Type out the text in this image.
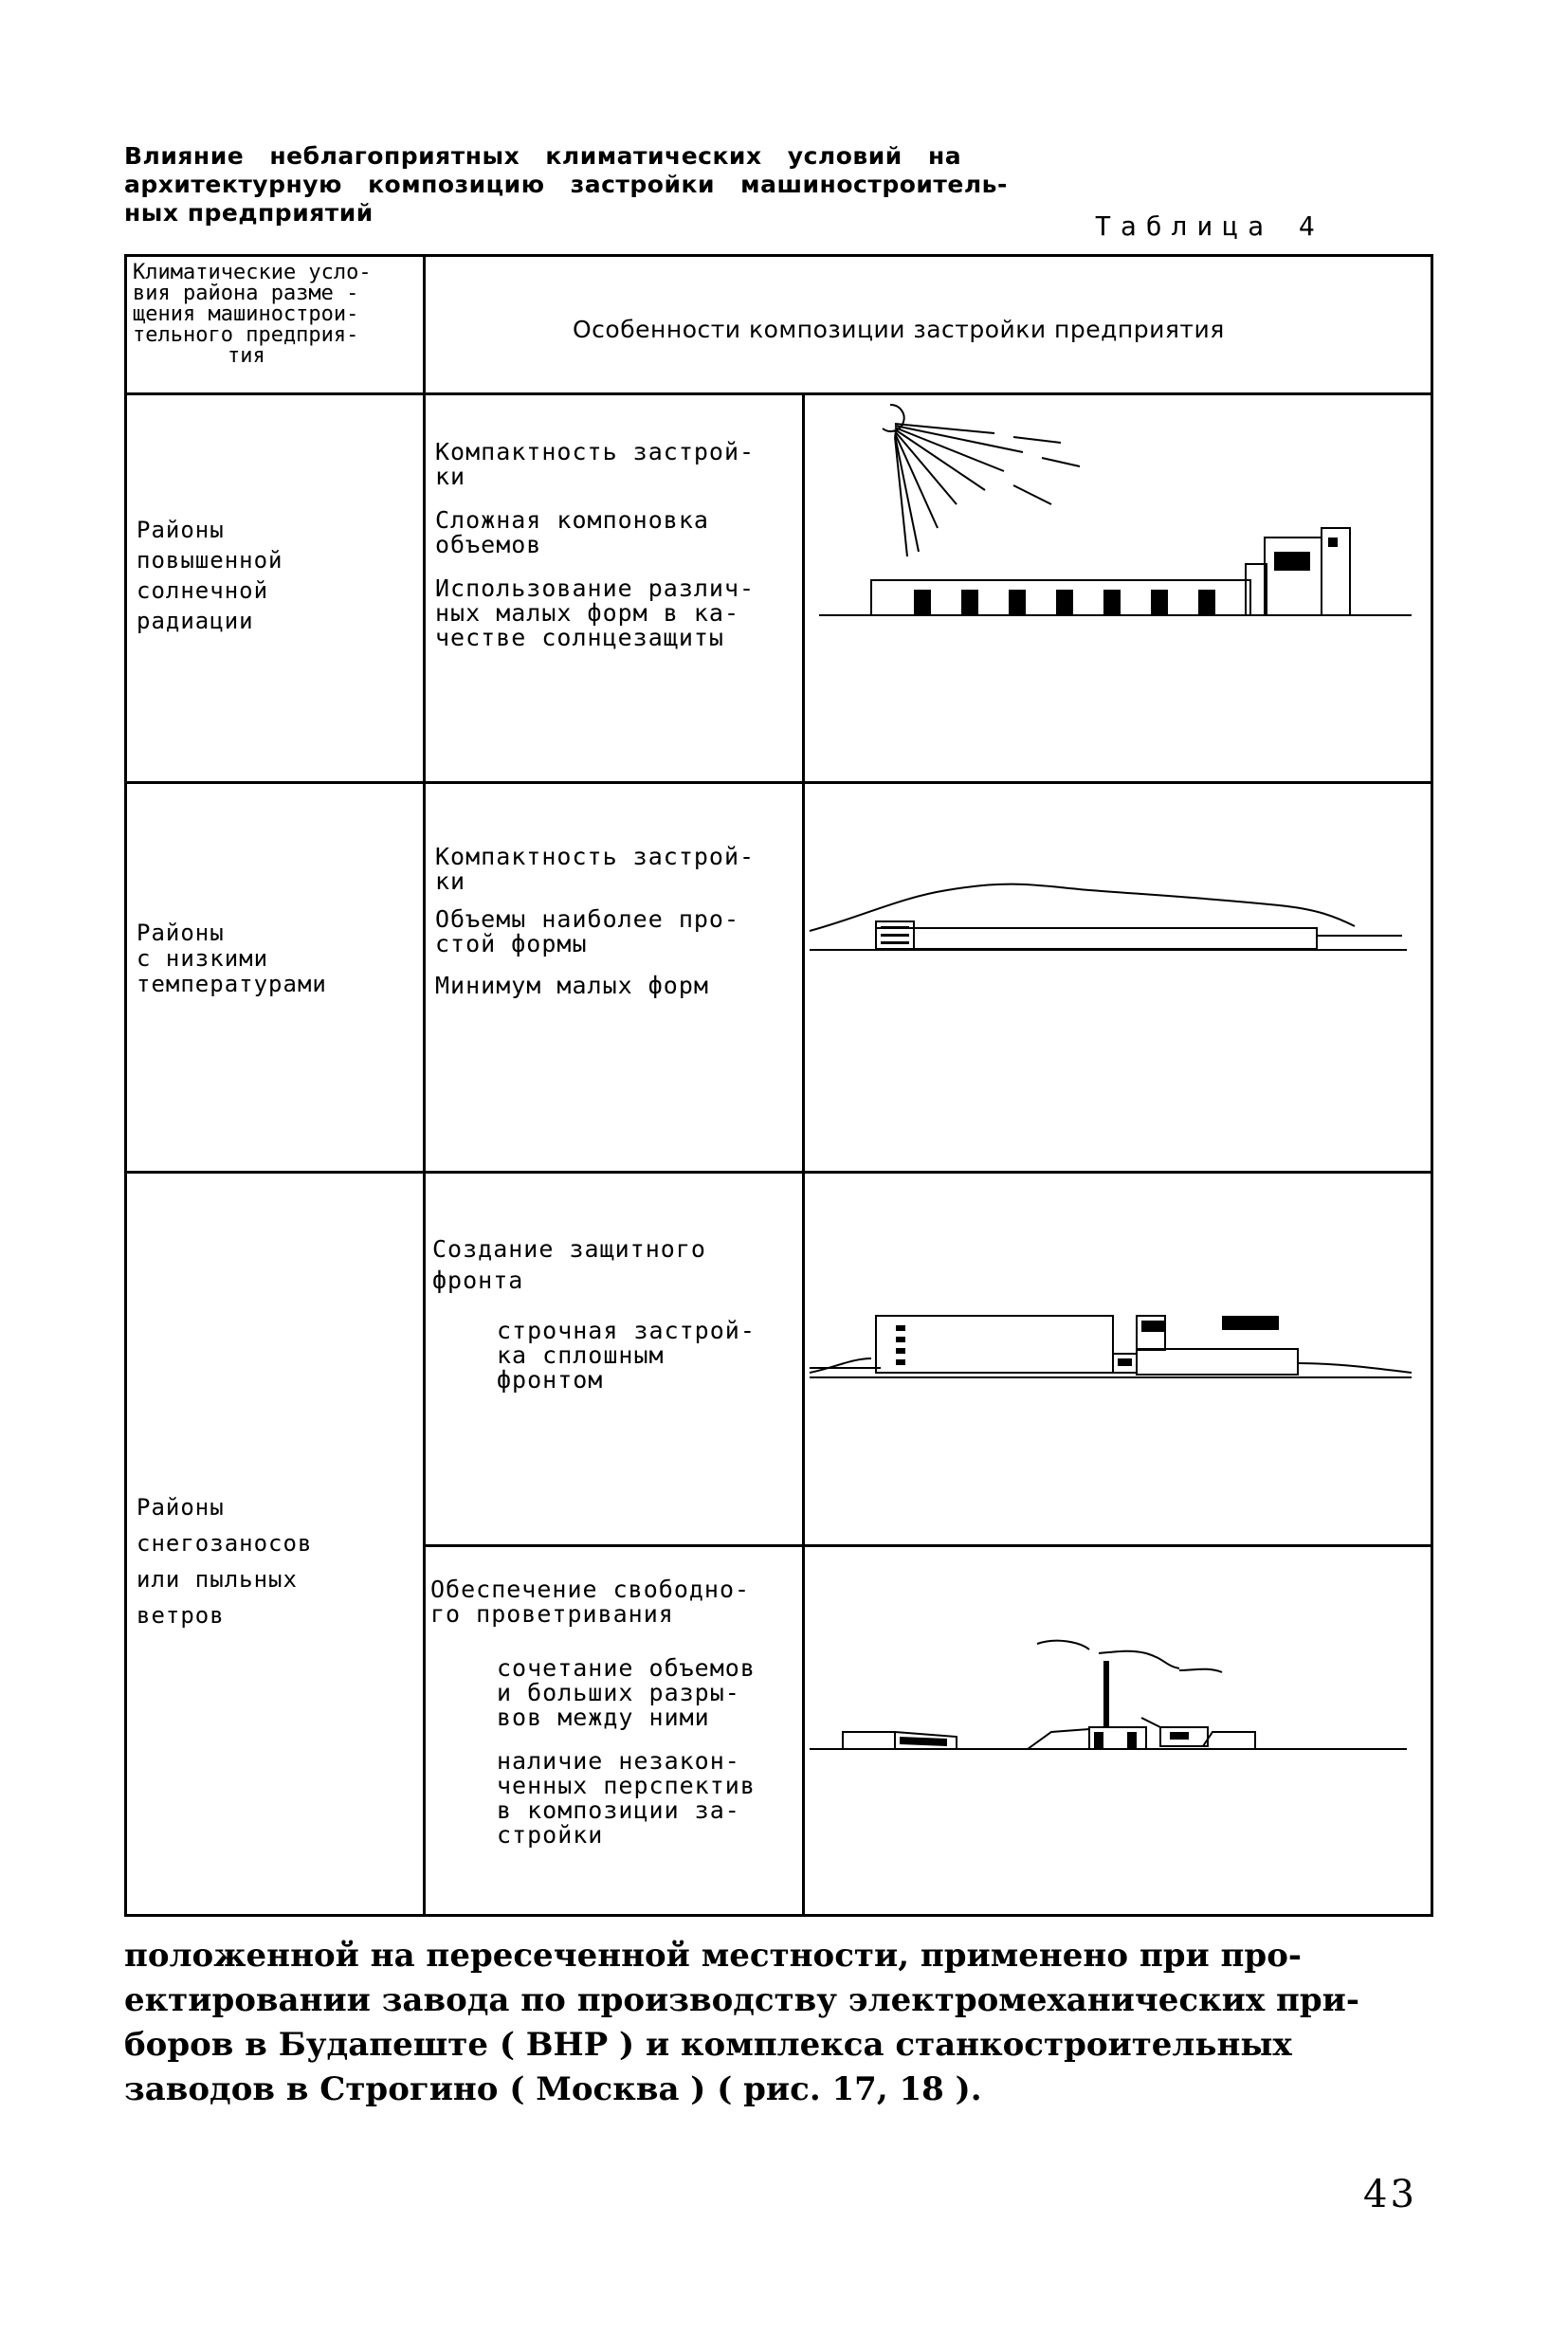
Влияние неблагоприятных климатических условий на
архитектурную композицию застройки машиностроитель-
ных предприятий	Таблица 4
Климатические усло-
вия района разме -
щения машинострои-
тельного предприя-
тия
Особенности композиции застройки предприятия
Районы
повышенной
солнечной
радиации
Компактность застрой-
ки
Сложная компоновка
объемов
Использование различ-
ных малых форм в ка-
честве солнцезащиты
Районы
с низкими
температурами
Компактность застрой-
ки
Объемы наиболее про-
стой формы
Минимум малых форм
Районы
снегозаносов
или пыльных
ветров
Создание защитного
фронта
строчная застрой-
ка сплошным
фронтом
Обеспечение свободно-
го проветривания
сочетание объемов
и больших разры-
вов между ними
наличие незакон-
ченных перспектив
в композиции за-
стройки
положенной на пересеченной местности, применено при про-
ектировании завода по производству электромеханических при-
боров в Будапеште ( ВНР ) и комплекса станкостроительных
заводов в Строгино ( Москва ) ( рис. 17, 18 ).
43
